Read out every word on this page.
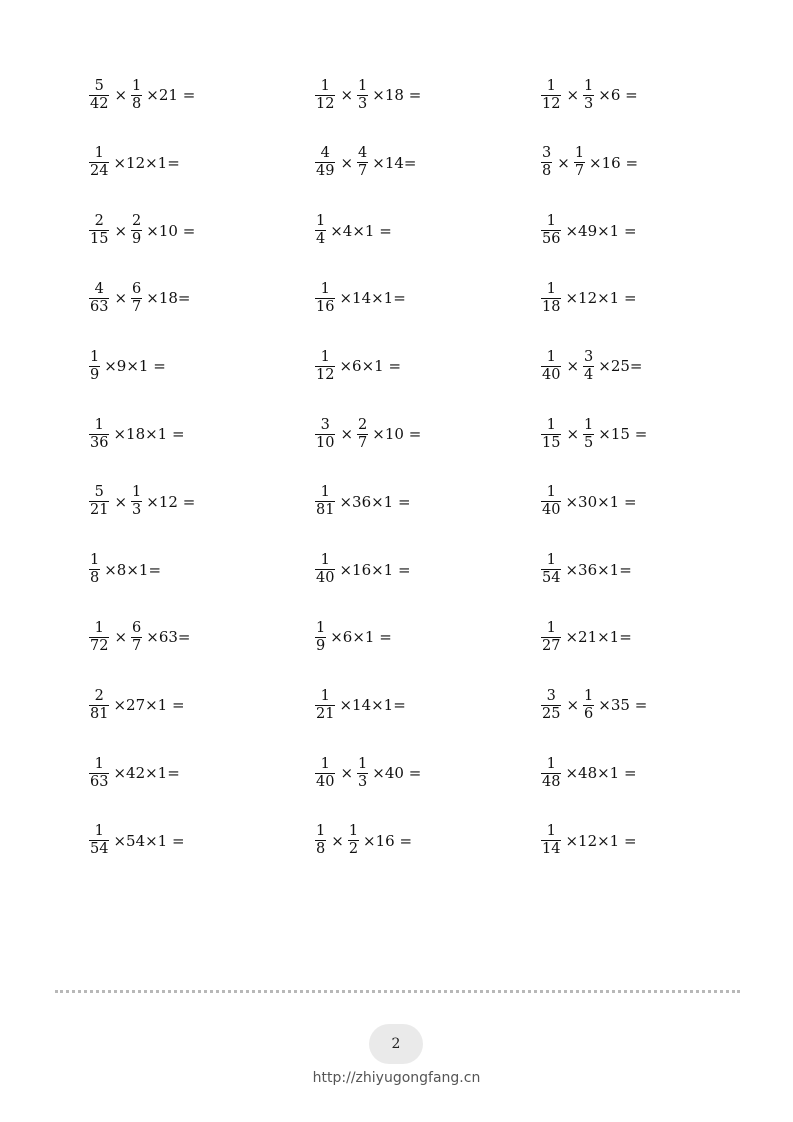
$\frac{5}{42} \times \frac{1}{8} \times 21$ =	$\frac{1}{12} \times \frac{1}{3} \times 18$ =	$\frac{1}{12} \times \frac{1}{3} \times 6$ =
$\frac{1}{24} \times 12\times 1=$	$\frac{4}{49} \times \frac{4}{7} \times 14=$	$\frac{3}{8} \times \frac{1}{7} \times 16$ =
$\frac{2}{15} \times \frac{2}{9} \times 10$ =	$\frac{1}{4} \times 4\times 1$ =	$\frac{1}{56} \times 49\times 1$ =
$\frac{4}{63} \times \frac{6}{7} \times 18=$	$\frac{1}{16} \times 14\times 1=$	$\frac{1}{18} \times 12\times 1$ =
$\frac{1}{9} \times 9\times 1$ =	$\frac{1}{12} \times 6\times 1$ =	$\frac{1}{40} \times \frac{3}{4} \times 25=$
$\frac{1}{36} \times 18\times 1$ =	$\frac{3}{10} \times \frac{2}{7} \times 10$ =	$\frac{1}{15} \times \frac{1}{5} \times 15$ =
$\frac{5}{21} \times \frac{1}{3} \times 12$ =	$\frac{1}{81} \times 36\times 1$ =	$\frac{1}{40} \times 30\times 1$ =
$\frac{1}{8} \times 8\times 1=$	$\frac{1}{40} \times 16\times 1$ =	$\frac{1}{54} \times 36\times 1=$
$\frac{1}{72} \times \frac{6}{7} \times 63=$	$\frac{1}{9} \times 6\times 1$ =	$\frac{1}{27} \times 21\times 1=$
$\frac{2}{81} \times 27\times 1$ =	$\frac{1}{21} \times 14\times 1=$	$\frac{3}{25} \times \frac{1}{6} \times 35$ =
$\frac{1}{63} \times 42\times 1=$	$\frac{1}{40} \times \frac{1}{3} \times 40$ =	$\frac{1}{48} \times 48\times 1$ =
$\frac{1}{54} \times 54\times 1$ =	$\frac{1}{8} \times \frac{1}{2} \times 16$ =	$\frac{1}{14} \times 12\times 1$ =
2
http://zhiyugongfang.cn
